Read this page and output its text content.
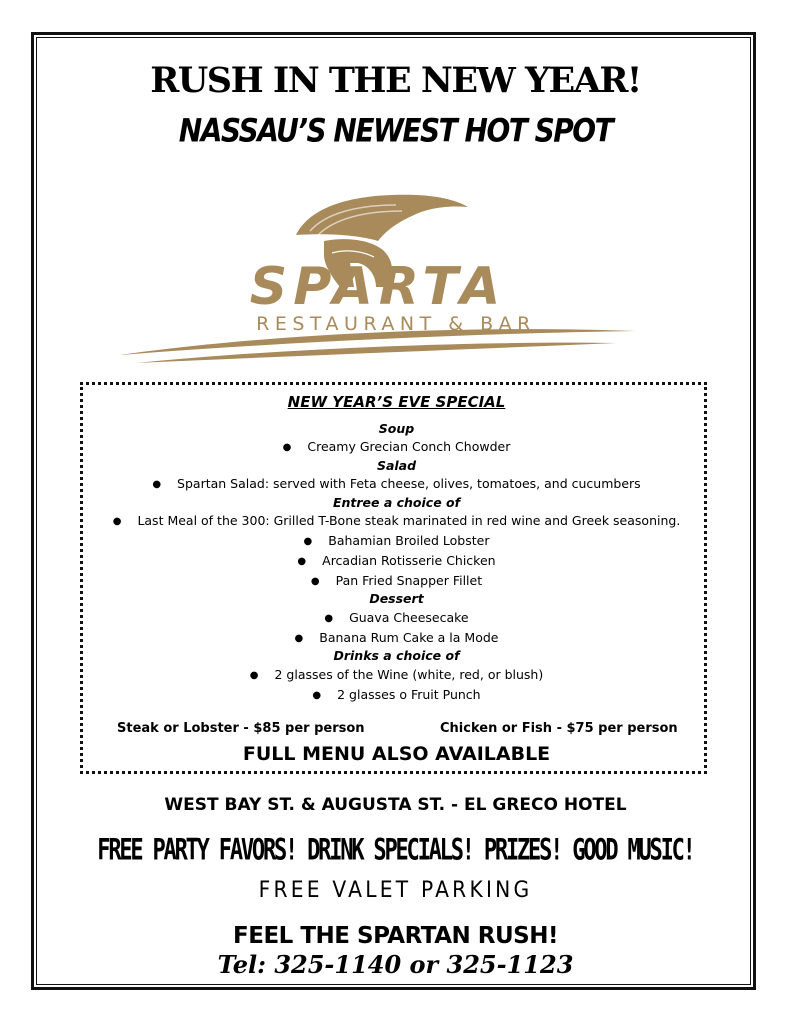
RUSH IN THE NEW YEAR!
NASSAU’S NEWEST HOT SPOT
SPARTA
RESTAURANT & BAR
NEW YEAR’S EVE SPECIAL
Soup
● Creamy Grecian Conch Chowder
Salad
● Spartan Salad: served with Feta cheese, olives, tomatoes, and cucumbers
Entree a choice of
● Last Meal of the 300: Grilled T-Bone steak marinated in red wine and Greek seasoning.
● Bahamian Broiled Lobster
● Arcadian Rotisserie Chicken
● Pan Fried Snapper Fillet
Dessert
● Guava Cheesecake
● Banana Rum Cake a la Mode
Drinks a choice of
● 2 glasses of the Wine (white, red, or blush)
● 2 glasses o Fruit Punch
Steak or Lobster - $85 per person	Chicken or Fish - $75 per person
FULL MENU ALSO AVAILABLE
WEST BAY ST. & AUGUSTA ST. - EL GRECO HOTEL
FREE PARTY FAVORS! DRINK SPECIALS! PRIZES! GOOD MUSIC!
FREE VALET PARKING
FEEL THE SPARTAN RUSH!
Tel: 325-1140 or 325-1123
